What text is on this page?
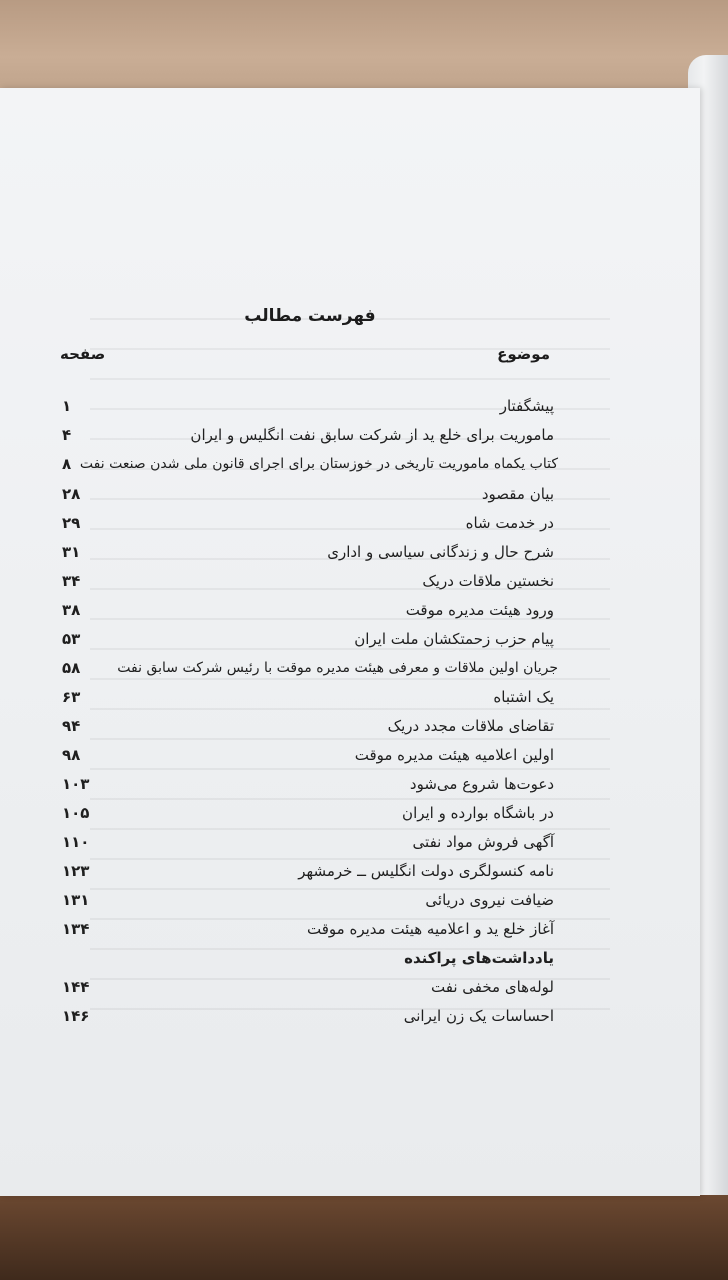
فهرست مطالب
موضوع
صفحه
پیشگفتار
۱
ماموریت برای خلع ید از شرکت سابق نفت انگلیس و ایران
۴
کتاب یکماه ماموریت تاریخی در خوزستان برای اجرای قانون ملی شدن صنعت نفت
۸
بیان مقصود
۲۸
در خدمت شاه
۲۹
شرح حال و زندگانی سیاسی و اداری
۳۱
نخستین ملاقات دریک
۳۴
ورود هیئت مدیره موقت
۳۸
پیام حزب زحمتکشان ملت ایران
۵۳
جریان اولین ملاقات و معرفی هیئت مدیره موقت با رئیس شرکت سابق نفت
۵۸
یک اشتباه
۶۳
تقاضای ملاقات مجدد دریک
۹۴
اولین اعلامیه هیئت مدیره موقت
۹۸
دعوت‌ها شروع می‌شود
۱۰۳
در باشگاه بوارده و ایران
۱۰۵
آگهی فروش مواد نفتی
۱۱۰
نامه کنسولگری دولت انگلیس ــ خرمشهر
۱۲۳
ضیافت نیروی دریائی
۱۳۱
آغاز خلع ید و اعلامیه هیئت مدیره موقت
۱۳۴
یادداشت‌های پراکنده
لوله‌های مخفی نفت
۱۴۴
احساسات یک زن ایرانی
۱۴۶
